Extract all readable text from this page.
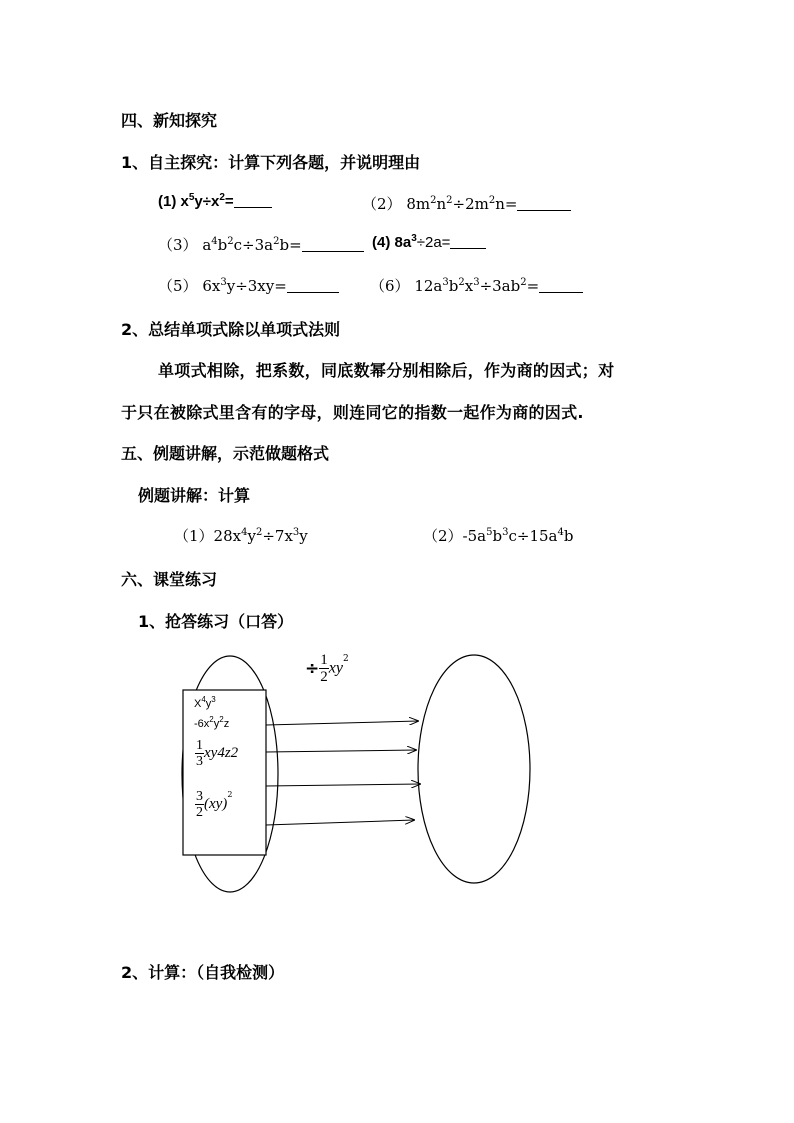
四、新知探究
1、自主探究：计算下列各题，并说明理由
(1) $x^5y\div x^2=$	（2） $8m^2n^2\div 2m^2n=$
（3） $a^4b^2c\div 3a^2b=$	(4) $8a^3\div 2a=$
（5） $6x^3y\div 3xy=$	（6） $12a^3b^2x^3\div 3ab^2=$
2、总结单项式除以单项式法则
单项式相除，把系数，同底数幂分别相除后，作为商的因式；对
于只在被除式里含有的字母，则连同它的指数一起作为商的因式.
五、例题讲解，示范做题格式
例题讲解：计算
$(1)28x^4y^2\div 7x^3y$	$(2)-5a^5b^3c\div 15a^4b$
六、课堂练习
1、抢答练习（口答）
÷ $\frac{1}{2} xy^2$
$X^4y^3$
$-6x^2y^2z$
$\frac{1}{3} xy4z2$
$\frac{3}{2} (xy)^2$
2、计算：（自我检测）
